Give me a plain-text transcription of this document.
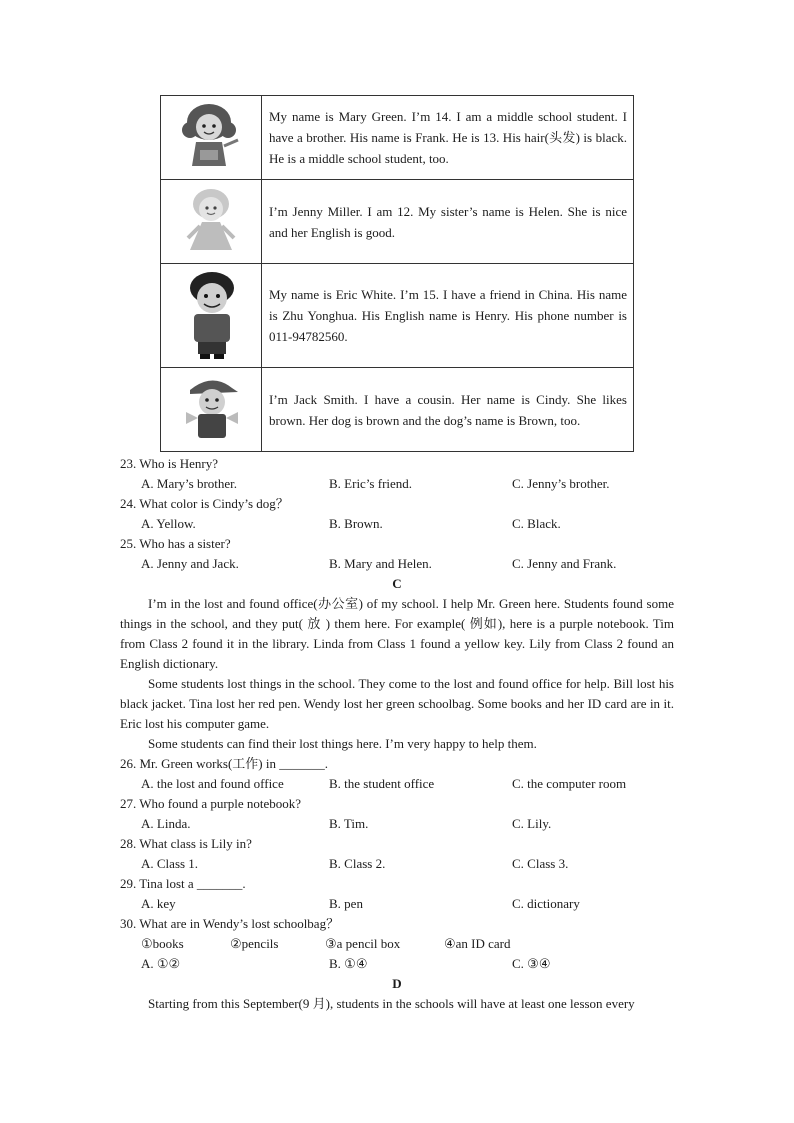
	My name is Mary Green. I’m 14. I am a middle school student. I have a brother. His name is Frank. He is 13. His hair(头发) is black. He is a middle school student, too.
	I’m Jenny Miller. I am 12. My sister’s name is Helen. She is nice and her English is good.
	My name is Eric White. I’m 15. I have a friend in China. His name is Zhu Yonghua. His English name is Henry. His phone number is 011-94782560.
	I’m Jack Smith. I have a cousin. Her name is Cindy. She likes brown. Her dog is brown and the dog’s name is Brown, too.
23. Who is Henry?
A. Mary’s brother.	B. Eric’s friend.	C. Jenny’s brother.
24. What color is Cindy’s dog？
A. Yellow.	B. Brown.	C. Black.
25. Who has a sister?
A. Jenny and Jack.	B. Mary and Helen.	C. Jenny and Frank.
C

I’m in the lost and found office(办公室) of my school. I help Mr. Green here. Students found some things in the school, and they put( 放 ) them here. For example( 例如), here is a purple notebook. Tim from Class 2 found it in the library. Linda from Class 1 found a yellow key. Lily from Class 2 found an English dictionary.

Some students lost things in the school. They come to the lost and found office for help. Bill lost his black jacket. Tina lost her red pen. Wendy lost her green schoolbag. Some books and her ID card are in it. Eric lost his computer game.

Some students can find their lost things here. I’m very happy to help them.

26. Mr. Green works(工作) in _______.
A. the lost and found office	B. the student office	C. the computer room
27. Who found a purple notebook?
A. Linda.	B. Tim.	C. Lily.
28. What class is Lily in?
A. Class 1.	B. Class 2.	C. Class 3.
29. Tina lost a _______.
A. key	B. pen	C. dictionary
30. What are in Wendy’s lost schoolbag？
①books	②pencils	③a pencil box	④an ID card
A. ①②	B. ①④	C. ③④
D

Starting from this September(9 月), students in the schools will have at least one lesson every
